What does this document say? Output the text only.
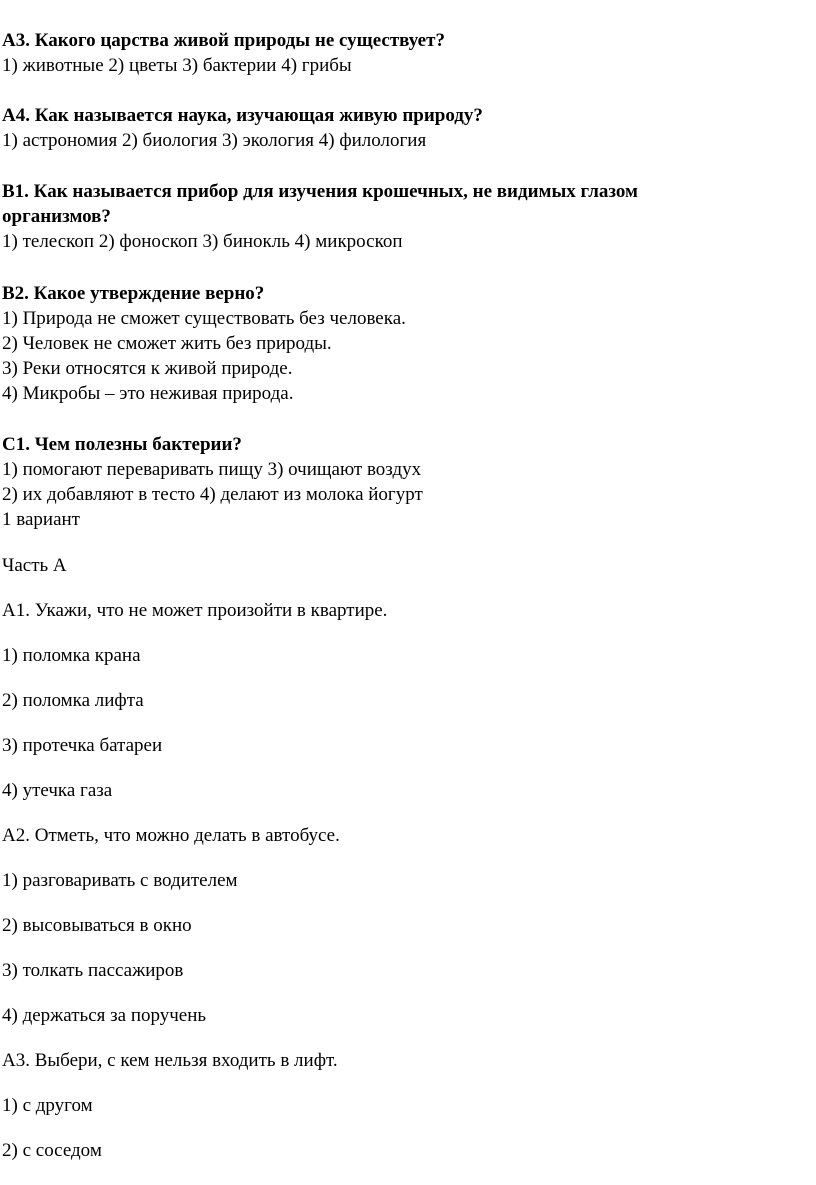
А3. Какого царства живой природы не существует?
1) животные 2) цветы 3) бактерии 4) грибы
А4. Как называется наука, изучающая живую природу?
1) астрономия 2) биология 3) экология 4) филология
В1. Как называется прибор для изучения крошечных, не видимых глазом
организмов?
1) телескоп 2) фоноскоп 3) бинокль 4) микроскоп
В2. Какое утверждение верно?
1) Природа не сможет существовать без человека.
2) Человек не сможет жить без природы.
3) Реки относятся к живой природе.
4) Микробы – это неживая природа.
С1. Чем полезны бактерии?
1) помогают переваривать пищу 3) очищают воздух
2) их добавляют в тесто 4) делают из молока йогурт
1 вариант
Часть А
А1. Укажи, что не может произойти в квартире.
1) поломка крана
2) поломка лифта
3) протечка батареи
4) утечка газа
А2. Отметь, что можно делать в автобусе.
1) разговаривать с водителем
2) высовываться в окно
3) толкать пассажиров
4) держаться за поручень
А3. Выбери, с кем нельзя входить в лифт.
1) с другом
2) с соседом
